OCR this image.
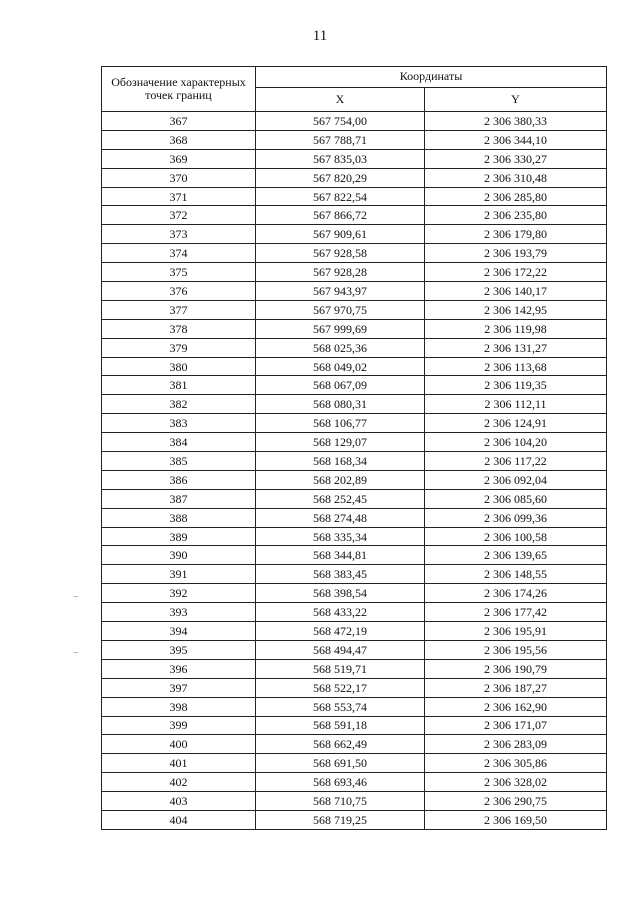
11
Обозначение характерных точек границ	Координаты	
	X	Y
367	567 754,00	2 306 380,33
368	567 788,71	2 306 344,10
369	567 835,03	2 306 330,27
370	567 820,29	2 306 310,48
371	567 822,54	2 306 285,80
372	567 866,72	2 306 235,80
373	567 909,61	2 306 179,80
374	567 928,58	2 306 193,79
375	567 928,28	2 306 172,22
376	567 943,97	2 306 140,17
377	567 970,75	2 306 142,95
378	567 999,69	2 306 119,98
379	568 025,36	2 306 131,27
380	568 049,02	2 306 113,68
381	568 067,09	2 306 119,35
382	568 080,31	2 306 112,11
383	568 106,77	2 306 124,91
384	568 129,07	2 306 104,20
385	568 168,34	2 306 117,22
386	568 202,89	2 306 092,04
387	568 252,45	2 306 085,60
388	568 274,48	2 306 099,36
389	568 335,34	2 306 100,58
390	568 344,81	2 306 139,65
391	568 383,45	2 306 148,55
392	568 398,54	2 306 174,26
393	568 433,22	2 306 177,42
394	568 472,19	2 306 195,91
395	568 494,47	2 306 195,56
396	568 519,71	2 306 190,79
397	568 522,17	2 306 187,27
398	568 553,74	2 306 162,90
399	568 591,18	2 306 171,07
400	568 662,49	2 306 283,09
401	568 691,50	2 306 305,86
402	568 693,46	2 306 328,02
403	568 710,75	2 306 290,75
404	568 719,25	2 306 169,50
